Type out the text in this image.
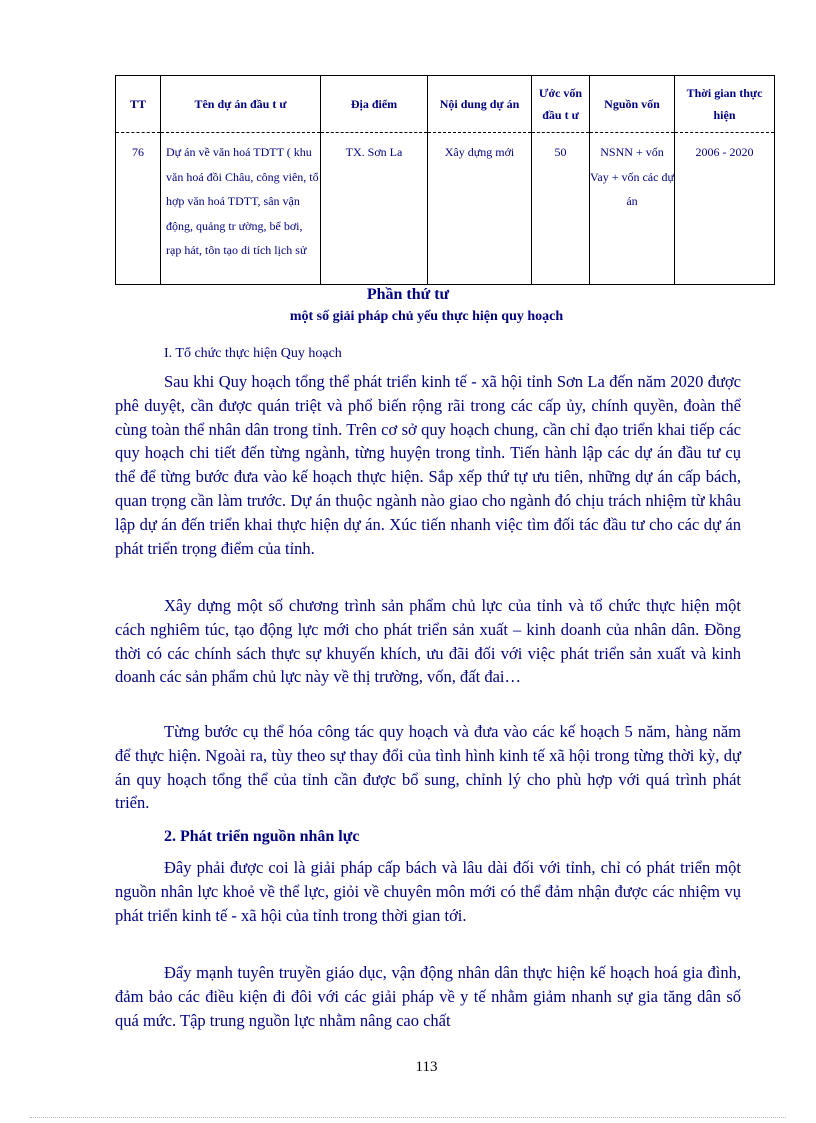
TT	Tên dự án đầu t ư	Địa điểm	Nội dung dự án	Ước vốn đầu t ư	Nguồn vốn	Thời gian thực hiện
76	Dự án về văn hoá TDTT ( khu văn hoá đồi Châu, công viên, tổ hợp văn hoá TDTT, sân vận động, quảng tr ường, bể bơi, rạp hát, tôn tạo di tích lịch sử	TX. Sơn La	Xây dựng mới	50	NSNN + vốn Vay + vốn các dự án	2006 - 2020
Phần thứ tư
một số giải pháp chủ yếu thực hiện quy hoạch
I. Tổ chức thực hiện Quy hoạch
Sau khi Quy hoạch tổng thể phát triển kinh tế - xã hội tỉnh Sơn La đến năm 2020 được phê duyệt, cần được quán triệt và phổ biến rộng rãi trong các cấp ủy, chính quyền, đoàn thể cùng toàn thể nhân dân trong tỉnh. Trên cơ sở quy hoạch chung, cần chỉ đạo triển khai tiếp các quy hoạch chi tiết đến từng ngành, từng huyện trong tỉnh. Tiến hành lập các dự án đầu tư cụ thể để từng bước đưa vào kế hoạch thực hiện. Sắp xếp thứ tự ưu tiên, những dự án cấp bách, quan trọng cần làm trước. Dự án thuộc ngành nào giao cho ngành đó chịu trách nhiệm từ khâu lập dự án đến triển khai thực hiện dự án. Xúc tiến nhanh việc tìm đối tác đầu tư cho các dự án phát triển trọng điểm của tỉnh.
Xây dựng một số chương trình sản phẩm chủ lực của tỉnh và tổ chức thực hiện một cách nghiêm túc, tạo động lực mới cho phát triển sản xuất – kinh doanh của nhân dân. Đồng thời có các chính sách thực sự khuyến khích, ưu đãi đối với việc phát triển sản xuất và kinh doanh các sản phẩm chủ lực này về thị trường, vốn, đất đai…
Từng bước cụ thể hóa công tác quy hoạch và đưa vào các kế hoạch 5 năm, hàng năm để thực hiện. Ngoài ra, tùy theo sự thay đổi của tình hình kinh tế xã hội trong từng thời kỳ, dự án quy hoạch tổng thể của tỉnh cần được bổ sung, chỉnh lý cho phù hợp với quá trình phát triển.
2. Phát triển nguồn nhân lực
Đây phải được coi là giải pháp cấp bách và lâu dài đối với tỉnh, chỉ có phát triển một nguồn nhân lực khoẻ về thể lực, giỏi về chuyên môn mới có thể đảm nhận được các nhiệm vụ phát triển kinh tế - xã hội của tỉnh trong thời gian tới.
Đẩy mạnh tuyên truyền giáo dục, vận động nhân dân thực hiện kế hoạch hoá gia đình, đảm bảo các điều kiện đi đôi với các giải pháp về y tế nhằm giảm nhanh sự gia tăng dân số quá mức. Tập trung nguồn lực nhằm nâng cao chất
113
